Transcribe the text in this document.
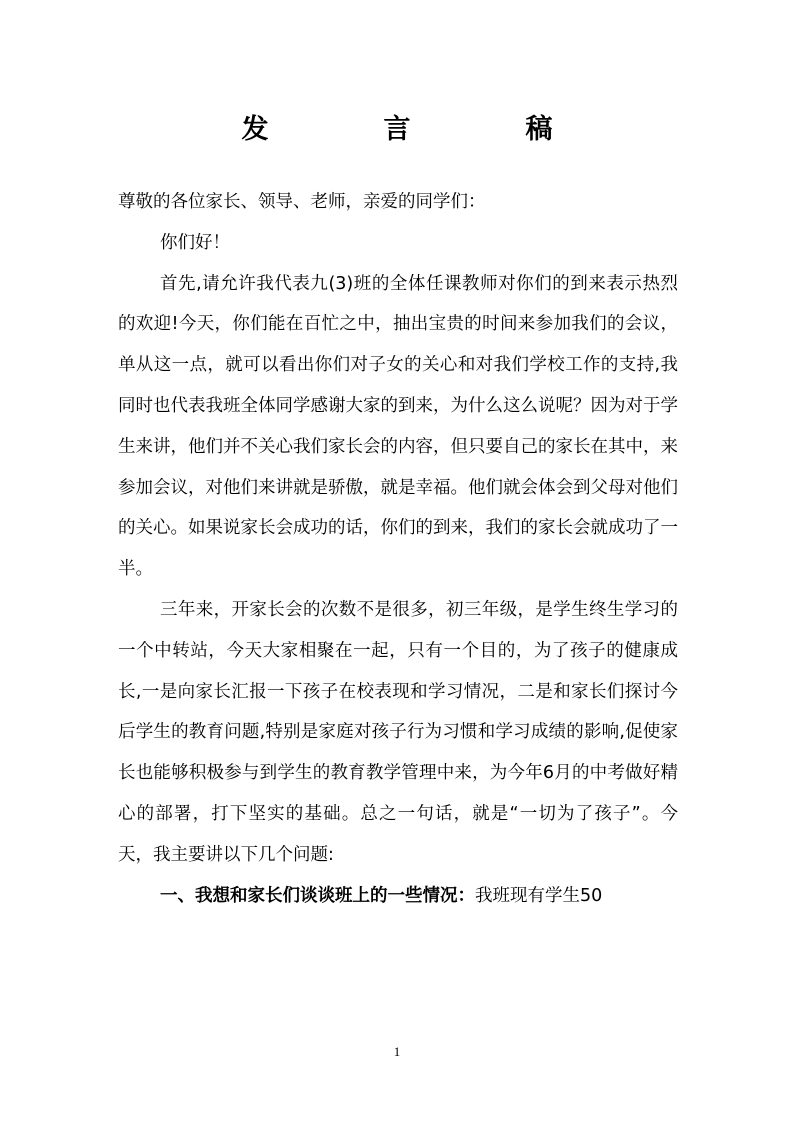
发　言　稿

尊敬的各位家长、领导、老师，亲爱的同学们：

你们好！

首先,请允许我代表九(3)班的全体任课教师对你们的到来表示热烈的欢迎!今天，你们能在百忙之中，抽出宝贵的时间来参加我们的会议，单从这一点，就可以看出你们对子女的关心和对我们学校工作的支持,我同时也代表我班全体同学感谢大家的到来，为什么这么说呢？因为对于学生来讲，他们并不关心我们家长会的内容，但只要自己的家长在其中，来参加会议，对他们来讲就是骄傲，就是幸福。他们就会体会到父母对他们的关心。如果说家长会成功的话，你们的到来，我们的家长会就成功了一半。

三年来，开家长会的次数不是很多，初三年级，是学生终生学习的一个中转站，今天大家相聚在一起，只有一个目的，为了孩子的健康成长,一是向家长汇报一下孩子在校表现和学习情况，二是和家长们探讨今后学生的教育问题,特别是家庭对孩子行为习惯和学习成绩的影响,促使家长也能够积极参与到学生的教育教学管理中来，为今年6月的中考做好精心的部署，打下坚实的基础。总之一句话，就是“一切为了孩子”。今天，我主要讲以下几个问题:

一、我想和家长们谈谈班上的一些情况：我班现有学生50

1
